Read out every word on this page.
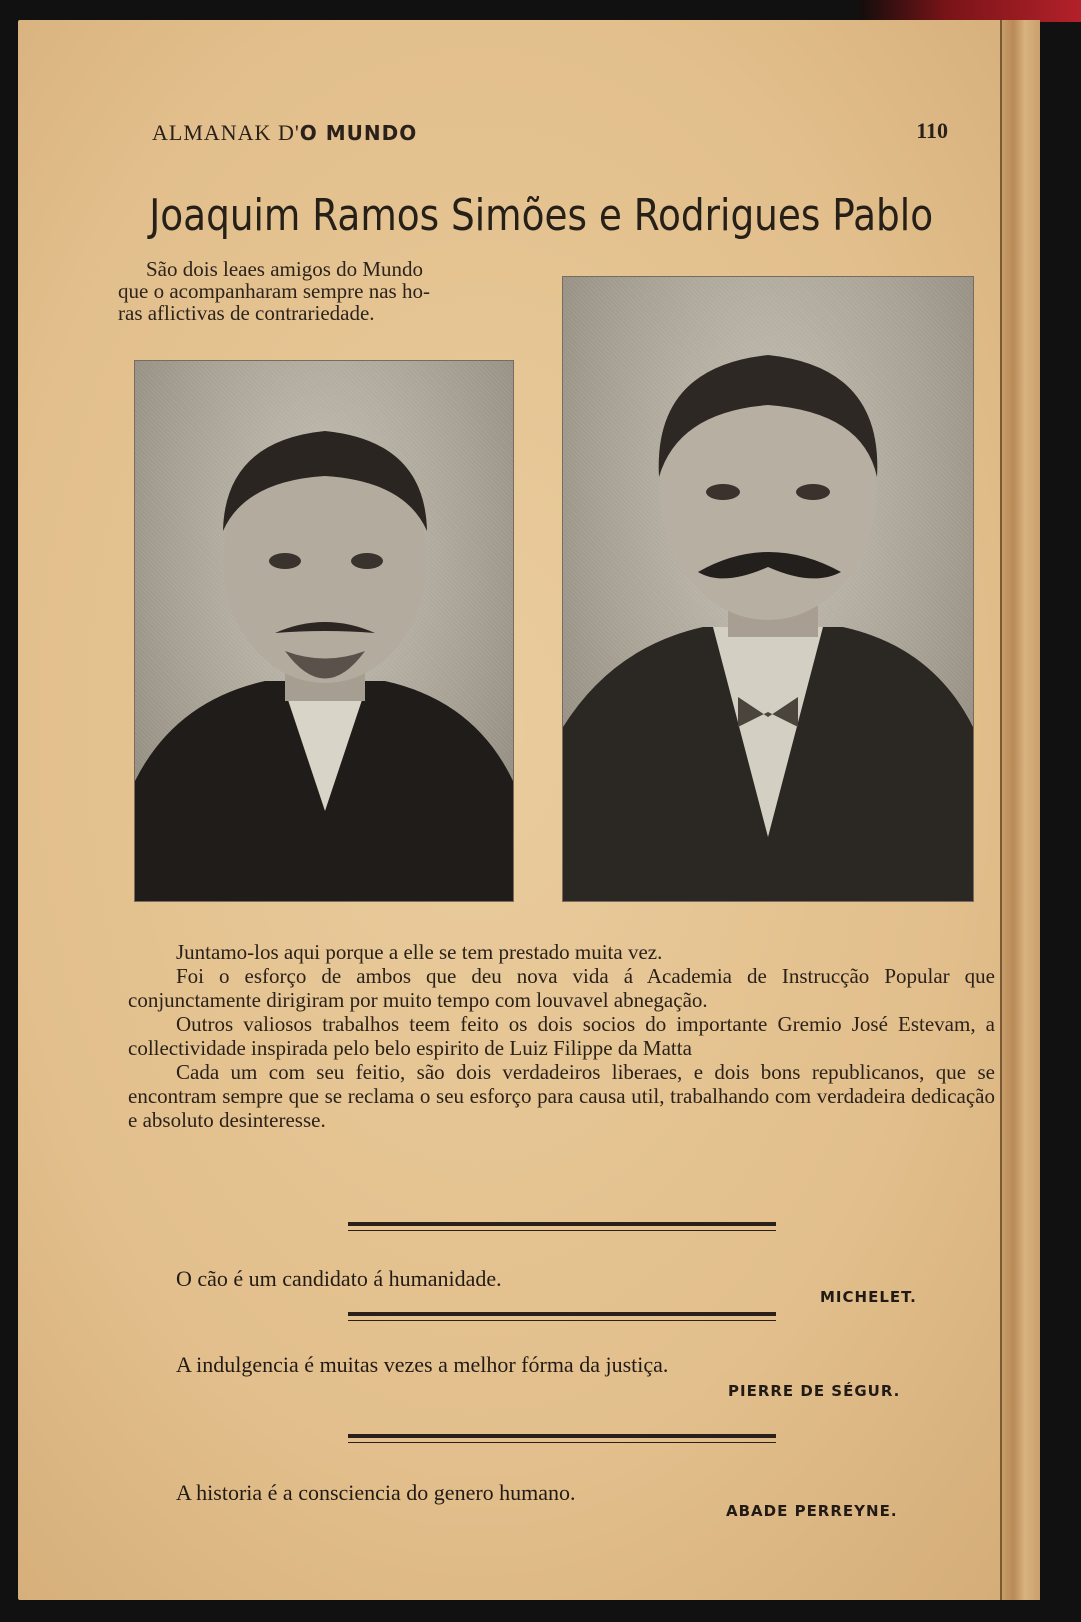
ALMANAK D'O MUNDO	110
Joaquim Ramos Simões e Rodrigues Pablo
São dois leaes amigos do Mundo
que o acompanharam sempre nas ho‑
ras aflictivas de contrariedade.

Juntamo-los aqui porque a elle se tem prestado muita vez.

Foi o esforço de ambos que deu nova vida á Academia de Instrucção Popular que conjunctamente dirigiram por muito tempo com louvavel abnegação.

Outros valiosos trabalhos teem feito os dois socios do importante Gremio José Estevam, a collectividade inspirada pelo belo espirito de Luiz Filippe da Matta

Cada um com seu feitio, são dois verdadeiros liberaes, e dois bons republicanos, que se encontram sempre que se reclama o seu esforço para causa util, trabalhando com verdadeira dedicação e absoluto desinteresse.

O cão é um candidato á humanidade.
MICHELET.
A indulgencia é muitas vezes a melhor fórma da justiça.
PIERRE DE SÉGUR.
A historia é a consciencia do genero humano.
ABADE PERREYNE.
